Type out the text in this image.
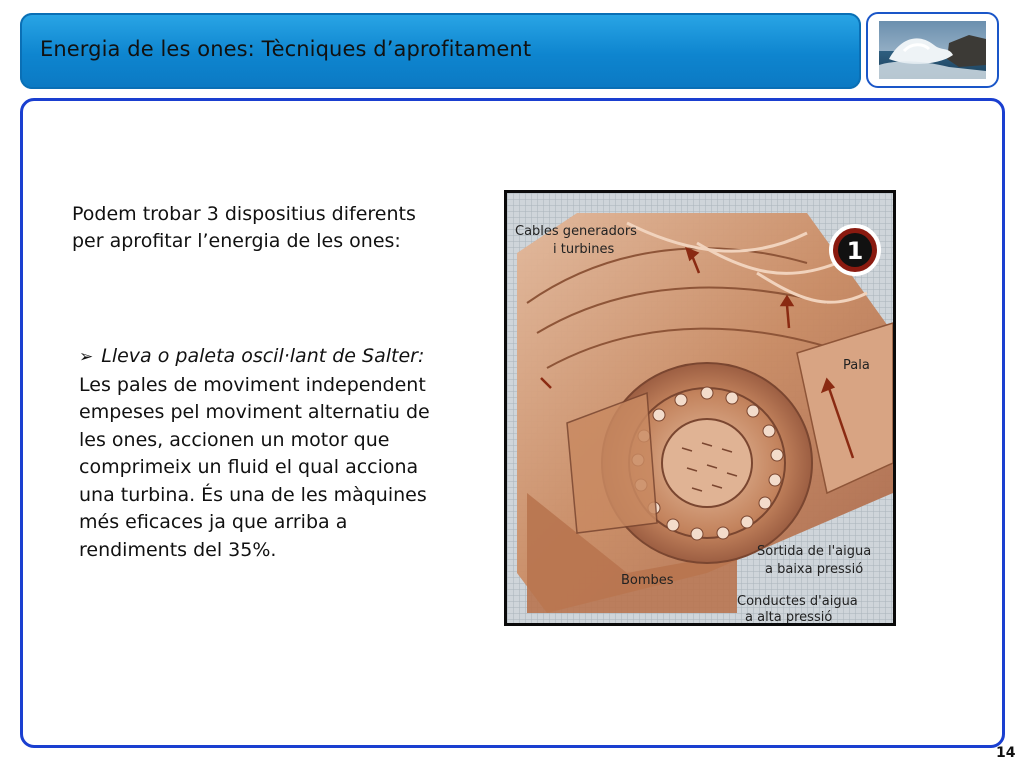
Energia de les ones: Tècniques d’aprofitament
Podem trobar 3 dispositius diferents per aprofitar l’energia de les ones:
➢ Lleva o paleta oscil·lant de Salter: Les pales de moviment independent empeses pel moviment alternatiu de les ones, accionen un motor que comprimeix un fluid el qual acciona una turbina. És una de les màquines més eficaces ja que arriba a rendiments del 35%.
1
Cables generadors
i turbines
Pala
Sortida de l'aigua
a baixa pressió
Bombes
Conductes d'aigua
a alta pressió
14
